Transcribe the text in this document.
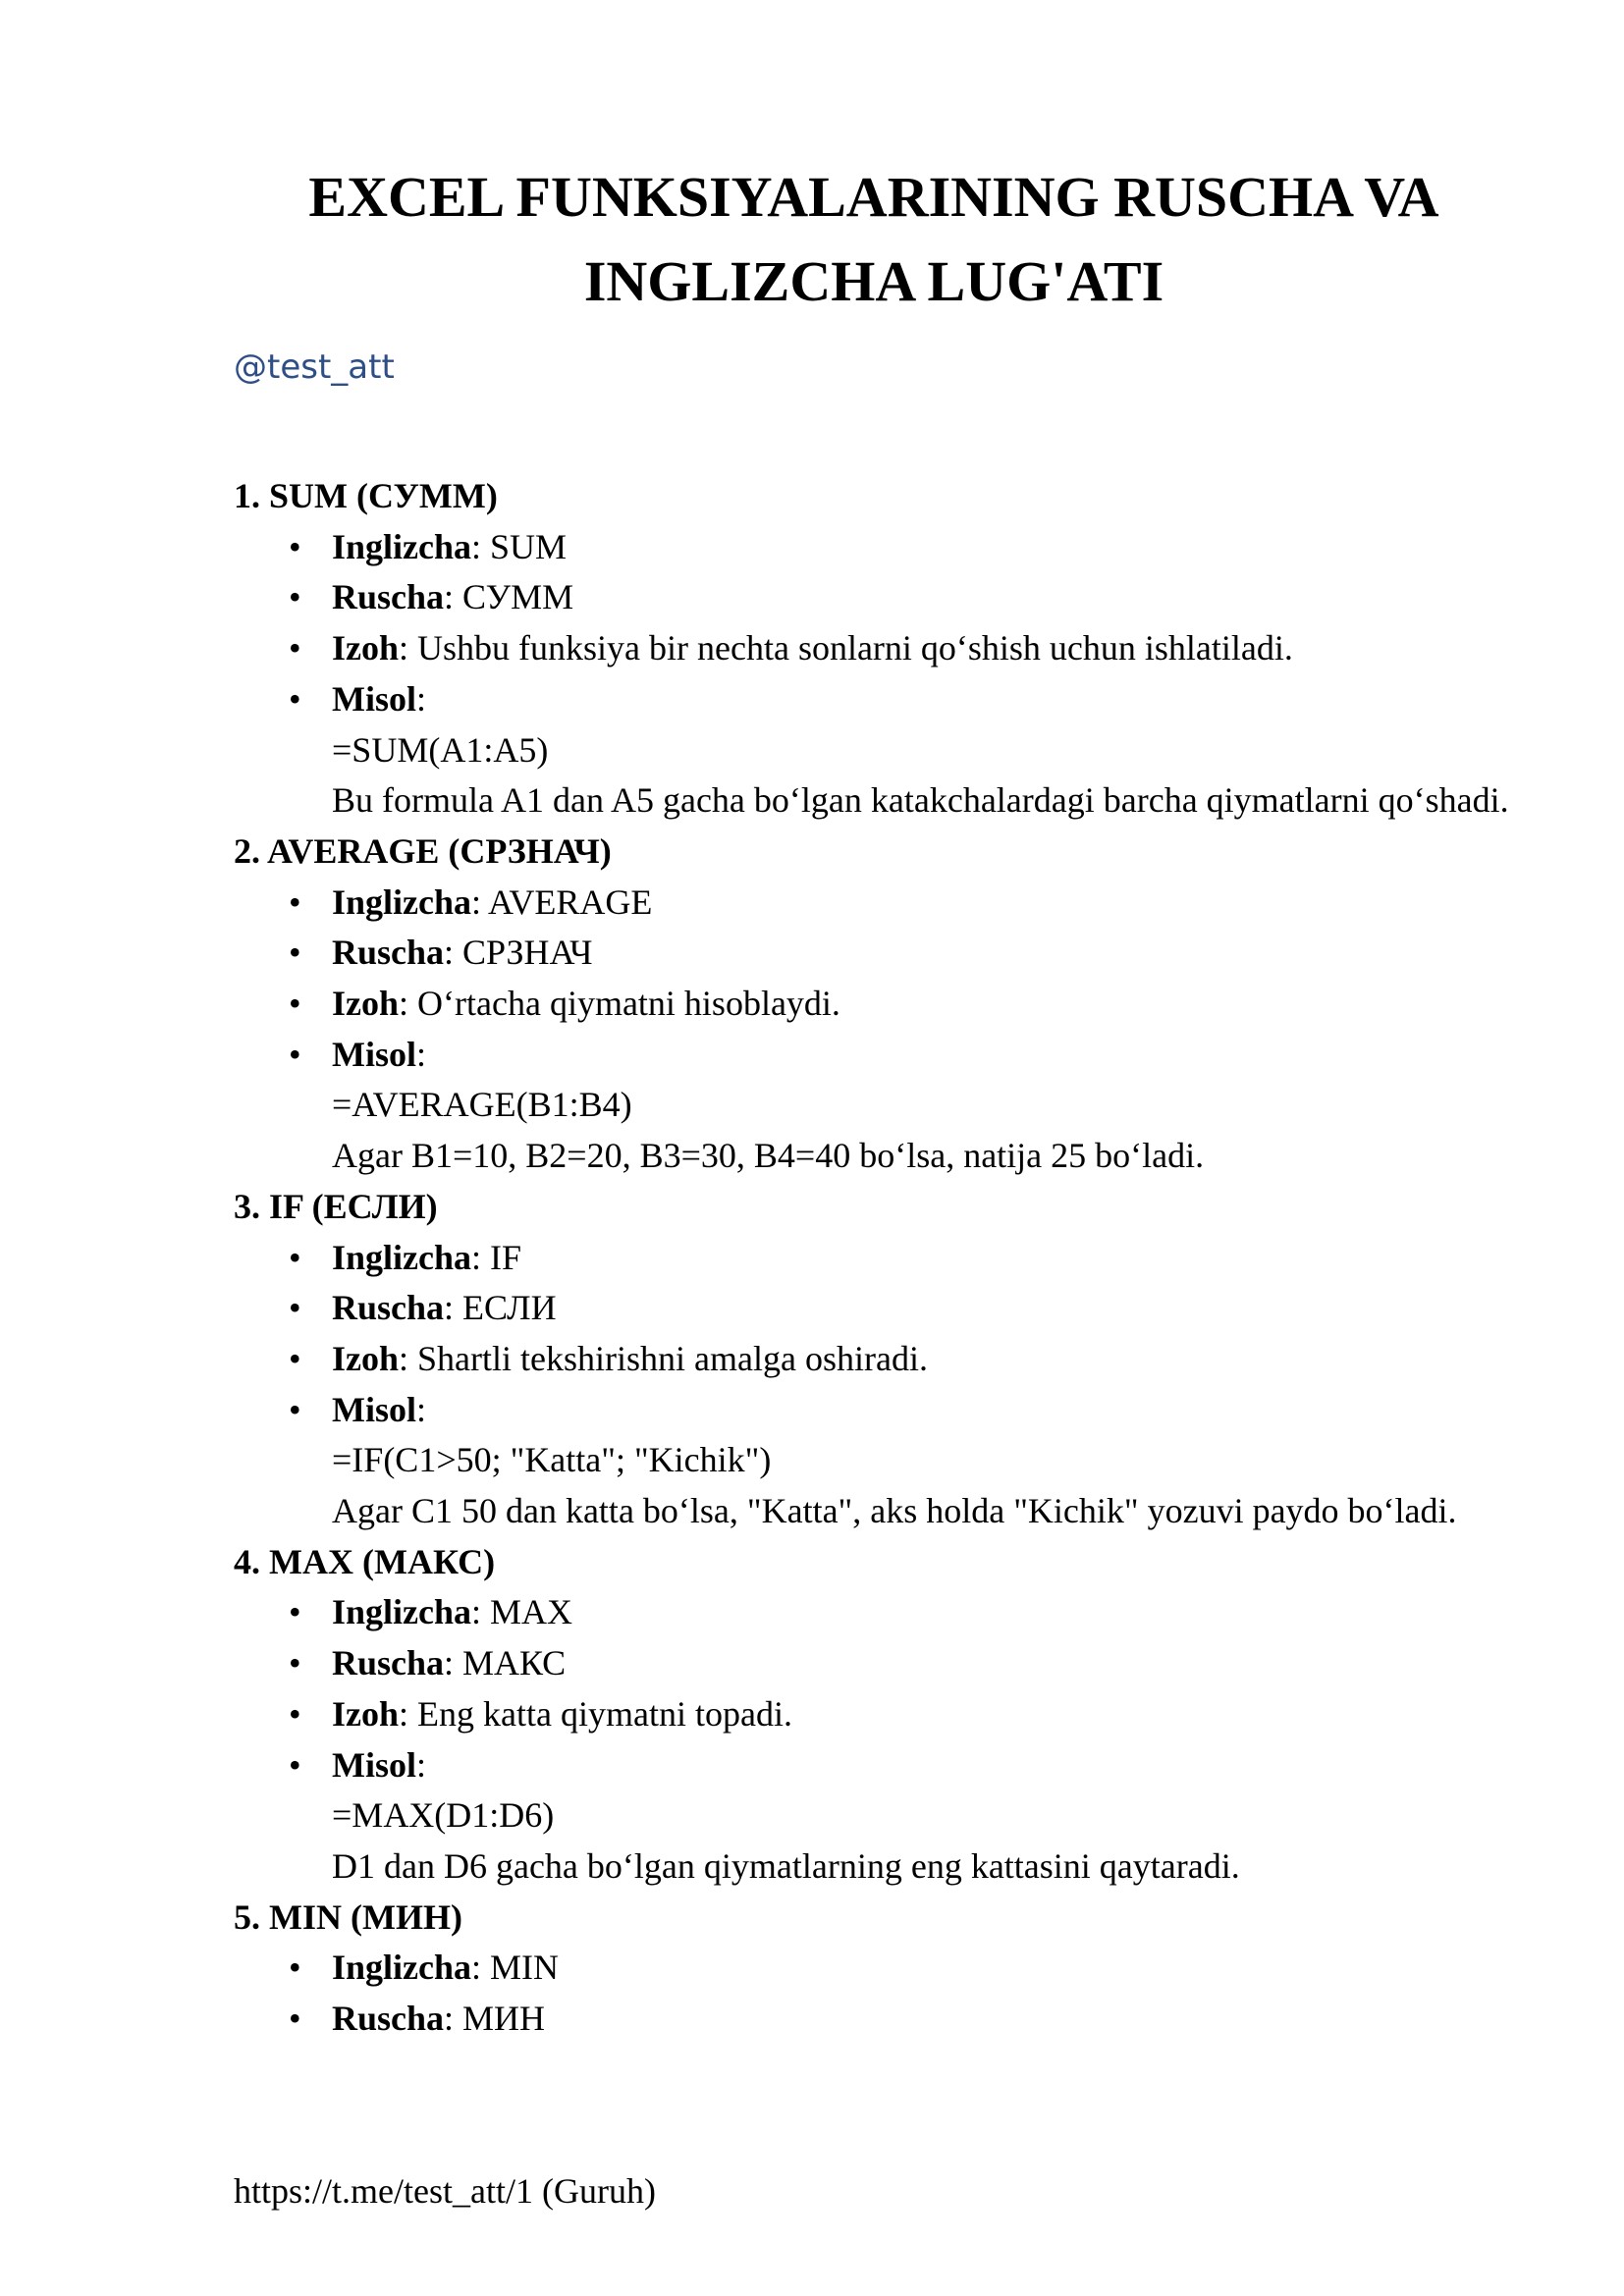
EXCEL FUNKSIYALARINING RUSCHA VA
INGLIZCHA LUG'ATI
@test_att

1. SUM (СУММ)

• Inglizcha: SUM
• Ruscha: СУММ
• Izoh: Ushbu funksiya bir nechta sonlarni qo‘shish uchun ishlatiladi.
• Misol:
=SUM(A1:A5)
Bu formula A1 dan A5 gacha bo‘lgan katakchalardagi barcha qiymatlarni qo‘shadi.

2. AVERAGE (СРЗНАЧ)

• Inglizcha: AVERAGE
• Ruscha: СРЗНАЧ
• Izoh: O‘rtacha qiymatni hisoblaydi.
• Misol:
=AVERAGE(B1:B4)
Agar B1=10, B2=20, B3=30, B4=40 bo‘lsa, natija 25 bo‘ladi.

3. IF (ЕСЛИ)

• Inglizcha: IF
• Ruscha: ЕСЛИ
• Izoh: Shartli tekshirishni amalga oshiradi.
• Misol:
=IF(C1>50; "Katta"; "Kichik")
Agar C1 50 dan katta bo‘lsa, "Katta", aks holda "Kichik" yozuvi paydo bo‘ladi.

4. MAX (МАКС)

• Inglizcha: MAX
• Ruscha: МАКС
• Izoh: Eng katta qiymatni topadi.
• Misol:
=MAX(D1:D6)
D1 dan D6 gacha bo‘lgan qiymatlarning eng kattasini qaytaradi.

5. MIN (МИН)

• Inglizcha: MIN
• Ruscha: МИН
https://t.me/test_att/1 (Guruh)
